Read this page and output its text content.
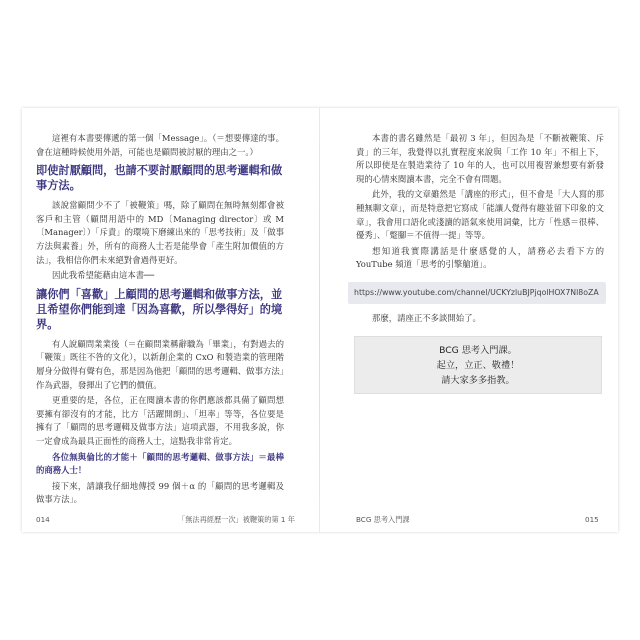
這裡有本書要傳遞的第一個「Message」。（＝想要傳達的事。會在這種時候使用外語，可能也是顧問被討厭的理由之一。）

即使討厭顧問，也請不要討厭顧問的思考邏輯和做事方法。

該說當顧問少不了「被鞭策」嗎，除了顧問在無時無刻都會被客戶和主管（顧問用語中的 MD〔Managing director〕或 M〔Manager〕）「斥責」的環境下磨練出來的「思考技術」及「做事方法與素養」外，所有的商務人士若是能學會「產生附加價值的方法」，我相信你們未來絕對會過得更好。

因此我希望能藉由這本書──

讓你們「喜歡」上顧問的思考邏輯和做事方法，並且希望你們能到達「因為喜歡，所以學得好」的境界。

有人說顧問業業後（＝在顧問業稱辭職為「畢業」，有對過去的「鞭策」既往不咎的文化），以新創企業的 CxO 和製造業的管理階層身分做得有聲有色，那是因為他把「顧問的思考邏輯、做事方法」作為武器，發揮出了它們的價值。

更重要的是，各位，正在閱讀本書的你們應該都具備了顧問想要擁有卻沒有的才能，比方「活躍開朗」、「坦率」等等，各位要是擁有了「顧問的思考邏輯及做事方法」這項武器，不用我多說，你一定會成為最具正面性的商務人士，這點我非常肯定。

各位無與倫比的才能＋「顧問的思考邏輯、做事方法」＝最棒的商務人士！

接下來，請讓我仔細地傳授 99 個＋α 的「顧問的思考邏輯及做事方法」。

本書的書名雖然是「最初 3 年」，但因為是「不斷被鞭策、斥責」的三年，我覺得以扎實程度來說與「工作 10 年」不相上下，所以即使是在製造業待了 10 年的人，也可以用複習兼想要有新發現的心情來閱讀本書，完全不會有問題。

此外，我的文章雖然是「講座的形式」，但不會是「大人寫的那種無聊文章」，而是特意把它寫成「能讓人覺得有趣並留下印象的文章」，我會用口語化或淺讀的語氣來使用詞彙，比方「性感＝很棒、優秀」、「蹩腳＝不值得一提」等等。

想知道我實際講話是什麼感覺的人，請務必去看下方的 YouTube 頻道「思考的引擎艙道」。

https://www.youtube.com/channel/UCKYzluBJPjqolHOX7Nl8oZA

那麼，請座正不多談開始了。

BCG 思考入門課。
起立，立正、敬禮！
請大家多多指教。
014	「無法再經歷一次」被鞭策的第 1 年	BCG 思考入門課	015
